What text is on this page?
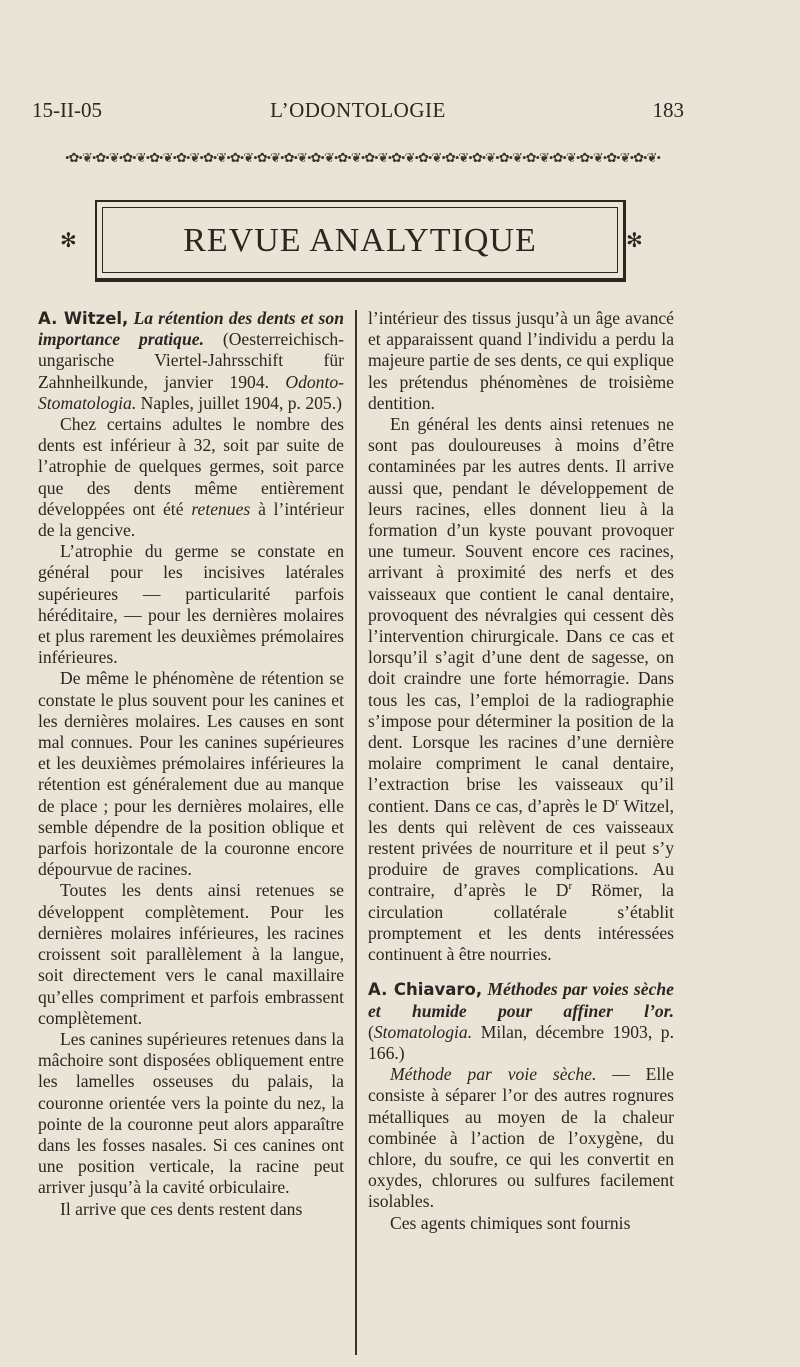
15-II-05	L’ODONTOLOGIE	183
•✿•❦•✿•❦•✿•❦•✿•❦•✿•❦•✿•❦•✿•❦•✿•❦•✿•❦•✿•❦•✿•❦•✿•❦•✿•❦•✿•❦•✿•❦•✿•❦•✿•❦•✿•❦•✿•❦•✿•❦•✿•❦•✿•❦•
✻	REVUE ANALYTIQUE	✻

A. Witzel, La rétention des dents et son importance pratique. (Oesterreichisch-ungarische Viertel-Jahrsschift für Zahnheilkunde, janvier 1904. Odonto-Stomatologia. Naples, juillet 1904, p. 205.)

Chez certains adultes le nombre des dents est inférieur à 32, soit par suite de l’atrophie de quelques germes, soit parce que des dents même entièrement développées ont été retenues à l’intérieur de la gencive.

L’atrophie du germe se constate en général pour les incisives latérales supérieures — particularité parfois héréditaire, — pour les dernières molaires et plus rarement les deuxièmes prémolaires inférieures.

De même le phénomène de rétention se constate le plus souvent pour les canines et les dernières molaires. Les causes en sont mal connues. Pour les canines supérieures et les deuxièmes prémolaires inférieures la rétention est généralement due au manque de place ; pour les dernières molaires, elle semble dépendre de la position oblique et parfois horizontale de la couronne encore dépourvue de racines.

Toutes les dents ainsi retenues se développent complètement. Pour les dernières molaires inférieures, les racines croissent soit parallèlement à la langue, soit directement vers le canal maxillaire qu’elles compriment et parfois embrassent complètement.

Les canines supérieures retenues dans la mâchoire sont disposées obliquement entre les lamelles osseuses du palais, la couronne orientée vers la pointe du nez, la pointe de la couronne peut alors apparaître dans les fosses nasales. Si ces canines ont une position verticale, la racine peut arriver jusqu’à la cavité orbiculaire.

Il arrive que ces dents restent dans

l’intérieur des tissus jusqu’à un âge avancé et apparaissent quand l’individu a perdu la majeure partie de ses dents, ce qui explique les prétendus phénomènes de troisième dentition.

En général les dents ainsi retenues ne sont pas douloureuses à moins d’être contaminées par les autres dents. Il arrive aussi que, pendant le développement de leurs racines, elles donnent lieu à la formation d’un kyste pouvant provoquer une tumeur. Souvent encore ces racines, arrivant à proximité des nerfs et des vaisseaux que contient le canal dentaire, provoquent des névralgies qui cessent dès l’intervention chirurgicale. Dans ce cas et lorsqu’il s’agit d’une dent de sagesse, on doit craindre une forte hémorragie. Dans tous les cas, l’emploi de la radiographie s’impose pour déterminer la position de la dent. Lorsque les racines d’une dernière molaire compriment le canal dentaire, l’extraction brise les vaisseaux qu’il contient. Dans ce cas, d’après le $D^r$ Witzel, les dents qui relèvent de ces vaisseaux restent privées de nourriture et il peut s’y produire de graves complications. Au contraire, d’après le $D^r$ Römer, la circulation collatérale s’établit promptement et les dents intéressées continuent à être nourries.

A. Chiavaro, Méthodes par voies sèche et humide pour affiner l’or. (Stomatologia. Milan, décembre 1903, p. 166.)

Méthode par voie sèche. — Elle consiste à séparer l’or des autres rognures métalliques au moyen de la chaleur combinée à l’action de l’oxygène, du chlore, du soufre, ce qui les convertit en oxydes, chlorures ou sulfures facilement isolables.

Ces agents chimiques sont fournis
